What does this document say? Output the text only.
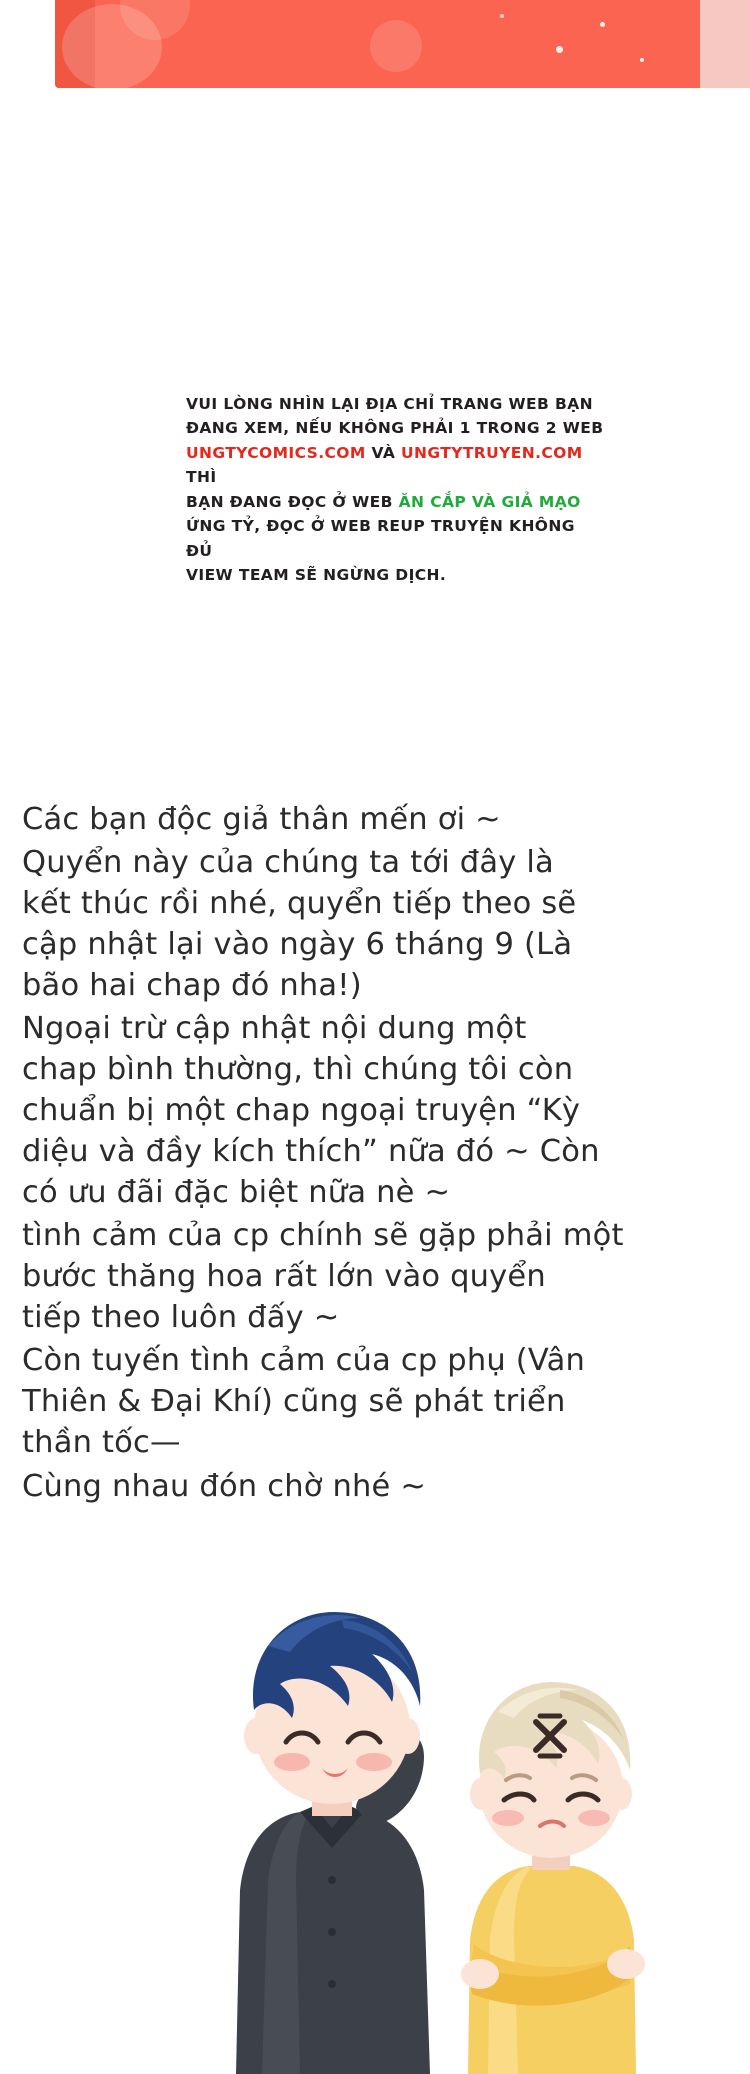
VUI LÒNG NHÌN LẠI ĐỊA CHỈ TRANG WEB BẠN
ĐANG XEM, NẾU KHÔNG PHẢI 1 TRONG 2 WEB
UNGTYCOMICS.COM VÀ UNGTYTRUYEN.COM THÌ
BẠN ĐANG ĐỌC Ở WEB ĂN CẮP VÀ GIẢ MẠO
ỨNG TỶ, ĐỌC Ở WEB REUP TRUYỆN KHÔNG ĐỦ
VIEW TEAM SẼ NGỪNG DỊCH.

Các bạn độc giả thân mến ơi ~

Quyển này của chúng ta tới đây là

kết thúc rồi nhé, quyển tiếp theo sẽ

cập nhật lại vào ngày 6 tháng 9 (Là

bão hai chap đó nha!)

Ngoại trừ cập nhật nội dung một

chap bình thường, thì chúng tôi còn

chuẩn bị một chap ngoại truyện “Kỳ

diệu và đầy kích thích” nữa đó ~ Còn

có ưu đãi đặc biệt nữa nè ~

tình cảm của cp chính sẽ gặp phải một

bước thăng hoa rất lớn vào quyển

tiếp theo luôn đấy ~

Còn tuyến tình cảm của cp phụ (Vân

Thiên & Đại Khí) cũng sẽ phát triển

thần tốc—

Cùng nhau đón chờ nhé ~
